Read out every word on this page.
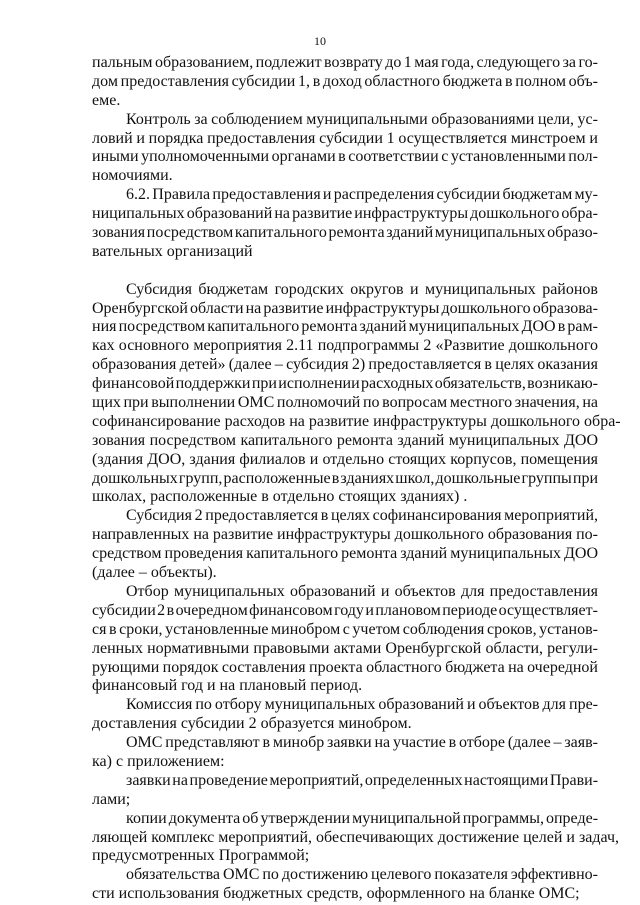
10
пальным образованием, подлежит возврату до 1 мая года, следующего за го-
дом предоставления субсидии 1, в доход областного бюджета в полном объ-
еме.
Контроль за соблюдением муниципальными образованиями цели, ус-
ловий и порядка предоставления субсидии 1 осуществляется минстроем и
иными уполномоченными органами в соответствии с установленными пол-
номочиями.
6.2. Правила предоставления и распределения субсидии бюджетам му-
ниципальных образований на развитие инфраструктуры дошкольного обра-
зования посредством капитального ремонта зданий муниципальных образо-
вательных организаций
Субсидия бюджетам городских округов и муниципальных районов
Оренбургской области на развитие инфраструктуры дошкольного образова-
ния посредством капитального ремонта зданий муниципальных ДОО в рам-
ках основного мероприятия 2.11 подпрограммы 2 «Развитие дошкольного
образования детей» (далее – субсидия 2) предоставляется в целях оказания
финансовой поддержки при исполнении расходных обязательств, возникаю-
щих при выполнении ОМС полномочий по вопросам местного значения, на
софинансирование расходов на развитие инфраструктуры дошкольного обра-
зования посредством капитального ремонта зданий муниципальных ДОО
(здания ДОО, здания филиалов и отдельно стоящих корпусов, помещения
дошкольных групп, расположенные в зданиях школ, дошкольные группы при
школах, расположенные в отдельно стоящих зданиях) .
Субсидия 2 предоставляется в целях софинансирования мероприятий,
направленных на развитие инфраструктуры дошкольного образования по-
средством проведения капитального ремонта зданий муниципальных ДОО
(далее – объекты).
Отбор муниципальных образований и объектов для предоставления
субсидии 2 в очередном финансовом году и плановом периоде осуществляет-
ся в сроки, установленные минобром с учетом соблюдения сроков, установ-
ленных нормативными правовыми актами Оренбургской области, регули-
рующими порядок составления проекта областного бюджета на очередной
финансовый год и на плановый период.
Комиссия по отбору муниципальных образований и объектов для пре-
доставления субсидии 2 образуется минобром.
ОМС представляют в минобр заявки на участие в отборе (далее – заяв-
ка) с приложением:
заявки на проведение мероприятий, определенных настоящими Прави-
лами;
копии документа об утверждении муниципальной программы, опреде-
ляющей комплекс мероприятий, обеспечивающих достижение целей и задач,
предусмотренных Программой;
обязательства ОМС по достижению целевого показателя эффективно-
сти использования бюджетных средств, оформленного на бланке ОМС;
